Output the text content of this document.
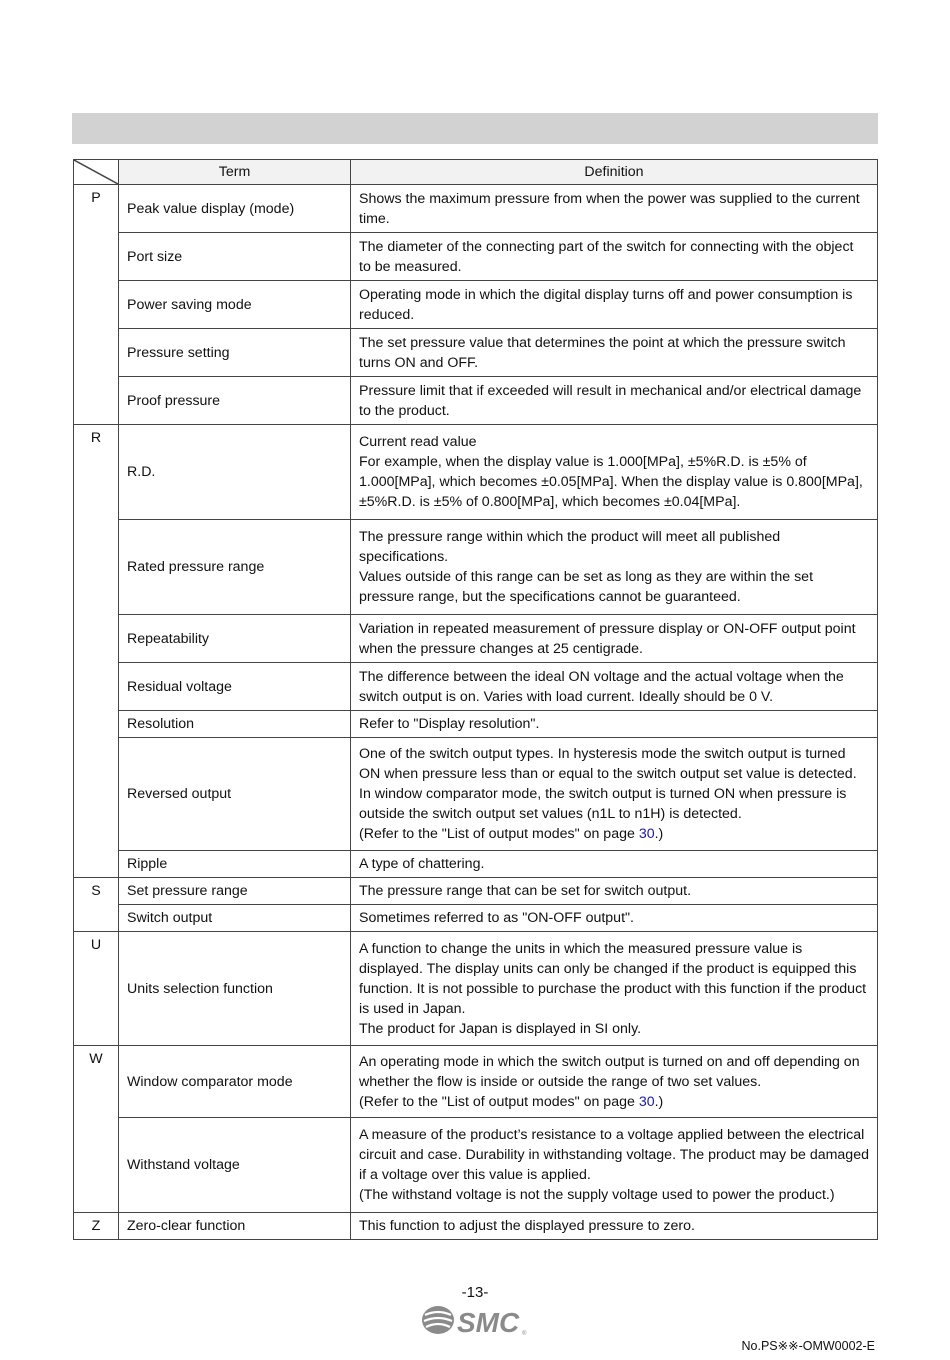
	Term	Definition
P	Peak value display (mode)	Shows the maximum pressure from when the power was supplied to the current time.

	Port size	The diameter of the connecting part of the switch for connecting with the object to be measured.

	Power saving mode	Operating mode in which the digital display turns off and power consumption is reduced.

	Pressure setting	The set pressure value that determines the point at which the pressure switch turns ON and OFF.

	Proof pressure	Pressure limit that if exceeded will result in mechanical and/or electrical damage to the product.

R	R.D.	Current read value
For example, when the display value is 1.000[MPa], ±5%R.D. is ±5% of 1.000[MPa], which becomes ±0.05[MPa]. When the display value is 0.800[MPa], ±5%R.D. is ±5% of 0.800[MPa], which becomes ±0.04[MPa].

	Rated pressure range	The pressure range within which the product will meet all published specifications.
Values outside of this range can be set as long as they are within the set pressure range, but the specifications cannot be guaranteed.

	Repeatability	Variation in repeated measurement of pressure display or ON-OFF output point when the pressure changes at 25 centigrade.

	Residual voltage	The difference between the ideal ON voltage and the actual voltage when the switch output is on. Varies with load current. Ideally should be 0 V.

	Resolution	Refer to "Display resolution".

	Reversed output	One of the switch output types. In hysteresis mode the switch output is turned ON when pressure less than or equal to the switch output set value is detected. In window comparator mode, the switch output is turned ON when pressure is outside the switch output set values (n1L to n1H) is detected.
(Refer to the "List of output modes" on page 30.)

	Ripple	A type of chattering.

S	Set pressure range	The pressure range that can be set for switch output.

	Switch output	Sometimes referred to as "ON-OFF output".

U	Units selection function	A function to change the units in which the measured pressure value is displayed. The display units can only be changed if the product is equipped this function. It is not possible to purchase the product with this function if the product is used in Japan.
The product for Japan is displayed in SI only.

W	Window comparator mode	An operating mode in which the switch output is turned on and off depending on whether the flow is inside or outside the range of two set values.
(Refer to the "List of output modes" on page 30.)

	Withstand voltage	A measure of the product’s resistance to a voltage applied between the electrical circuit and case. Durability in withstanding voltage. The product may be damaged if a voltage over this value is applied.
(The withstand voltage is not the supply voltage used to power the product.)

Z	Zero-clear function	This function to adjust the displayed pressure to zero.
-13-
SMC ®
No.PS※※-OMW0002-E
